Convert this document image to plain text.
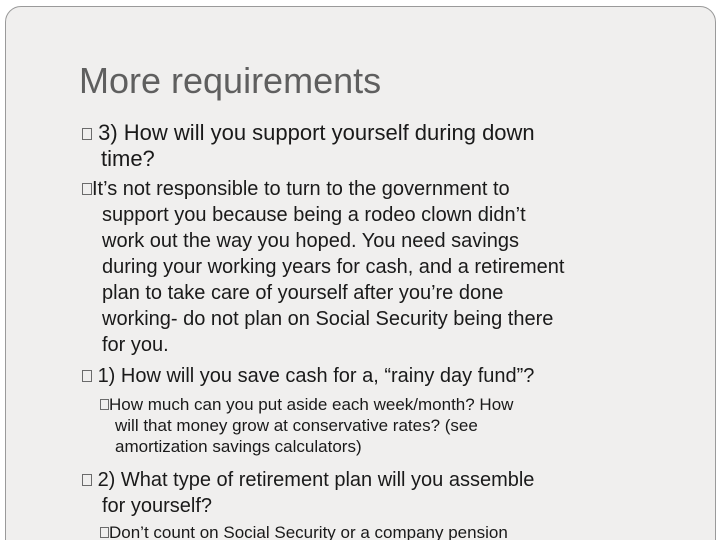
More requirements
3) How will you support yourself during down
time?
It’s not responsible to turn to the government to
support you because being a rodeo clown didn’t
work out the way you hoped. You need savings
during your working years for cash, and a retirement
plan to take care of yourself after you’re done
working- do not plan on Social Security being there
for you.
1) How will you save cash for a, “rainy day fund”?
How much can you put aside each week/month? How
will that money grow at conservative rates? (see
amortization savings calculators)
2) What type of retirement plan will you assemble
for yourself?
Don’t count on Social Security or a company pension
